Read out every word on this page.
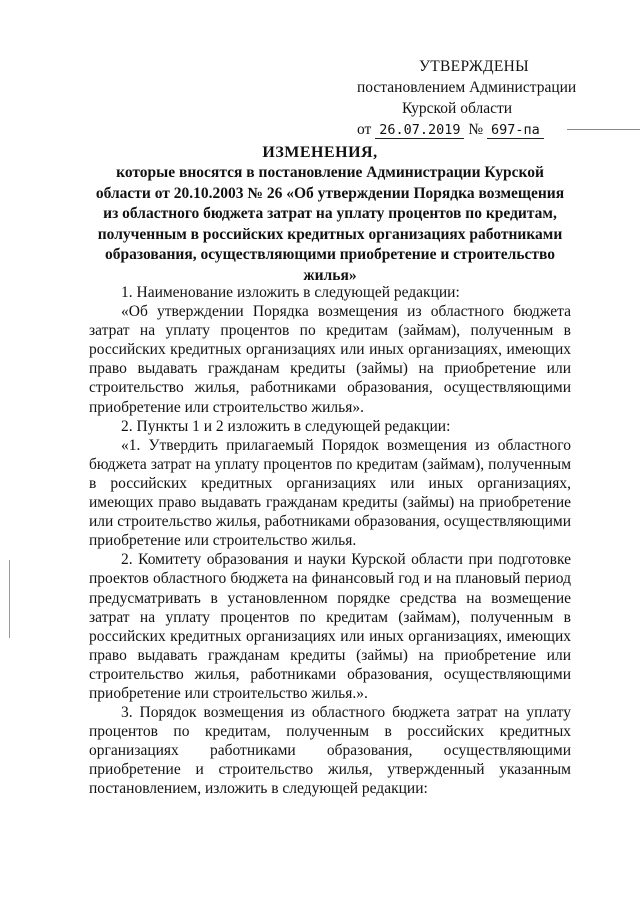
УТВЕРЖДЕНЫ
постановлением Администрации
Курской области
от 26.07.2019 № 697-па
ИЗМЕНЕНИЯ,
которые вносятся в постановление Администрации Курской области от 20.10.2003 № 26 «Об утверждении Порядка возмещения из областного бюджета затрат на уплату процентов по кредитам, полученным в российских кредитных организациях работниками образования, осуществляющими приобретение и строительство жилья»

1. Наименование изложить в следующей редакции:

«Об утверждении Порядка возмещения из областного бюджета затрат на уплату процентов по кредитам (займам), полученным в российских кредитных организациях или иных организациях, имеющих право выдавать гражданам кредиты (займы) на приобретение или строительство жилья, работниками образования, осуществляющими приобретение или строительство жилья».

2. Пункты 1 и 2 изложить в следующей редакции:

«1. Утвердить прилагаемый Порядок возмещения из областного бюджета затрат на уплату процентов по кредитам (займам), полученным в российских кредитных организациях или иных организациях, имеющих право выдавать гражданам кредиты (займы) на приобретение или строительство жилья, работниками образования, осуществляющими приобретение или строительство жилья.

2. Комитету образования и науки Курской области при подготовке проектов областного бюджета на финансовый год и на плановый период предусматривать в установленном порядке средства на возмещение затрат на уплату процентов по кредитам (займам), полученным в российских кредитных организациях или иных организациях, имеющих право выдавать гражданам кредиты (займы) на приобретение или строительство жилья, работниками образования, осуществляющими приобретение или строительство жилья.».

3. Порядок возмещения из областного бюджета затрат на уплату процентов по кредитам, полученным в российских кредитных организациях работниками образования, осуществляющими приобретение и строительство жилья, утвержденный указанным постановлением, изложить в следующей редакции:
